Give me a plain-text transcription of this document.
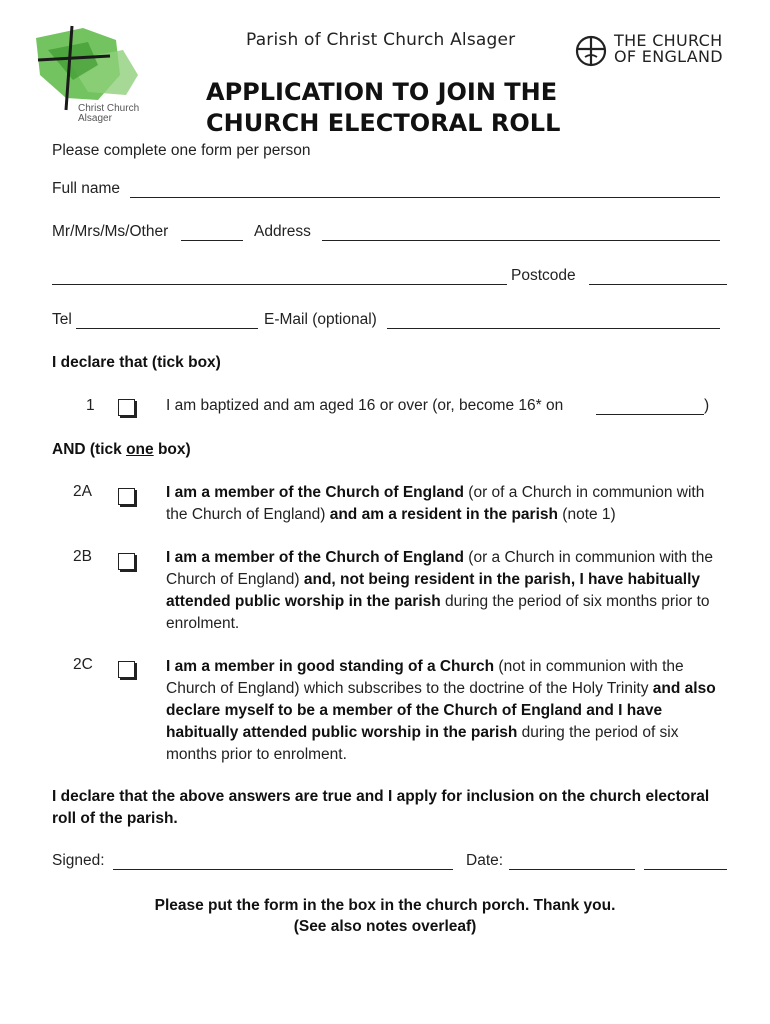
Christ Church
Alsager
Parish of Christ Church Alsager	THE CHURCH
OF ENGLAND
APPLICATION TO JOIN THE
CHURCH ELECTORAL ROLL
Please complete one form per person
Full name
Mr/Mrs/Ms/Other	Address
Postcode
Tel	E-Mail (optional)
I declare that (tick box)
1	I am baptized and am aged 16 or over (or, become 16* on	)
AND (tick one box)
2A	I am a member of the Church of England (or of a Church in communion with the Church of England) and am a resident in the parish (note 1)
2B	I am a member of the Church of England (or a Church in communion with the Church of England) and, not being resident in the parish, I have habitually attended public worship in the parish during the period of six months prior to enrolment.
2C	I am a member in good standing of a Church (not in communion with the Church of England) which subscribes to the doctrine of the Holy Trinity and also declare myself to be a member of the Church of England and I have habitually attended public worship in the parish during the period of six months prior to enrolment.
I declare that the above answers are true and I apply for inclusion on the church electoral roll of the parish.
Signed:	Date:
Please put the form in the box in the church porch. Thank you.
(See also notes overleaf)
